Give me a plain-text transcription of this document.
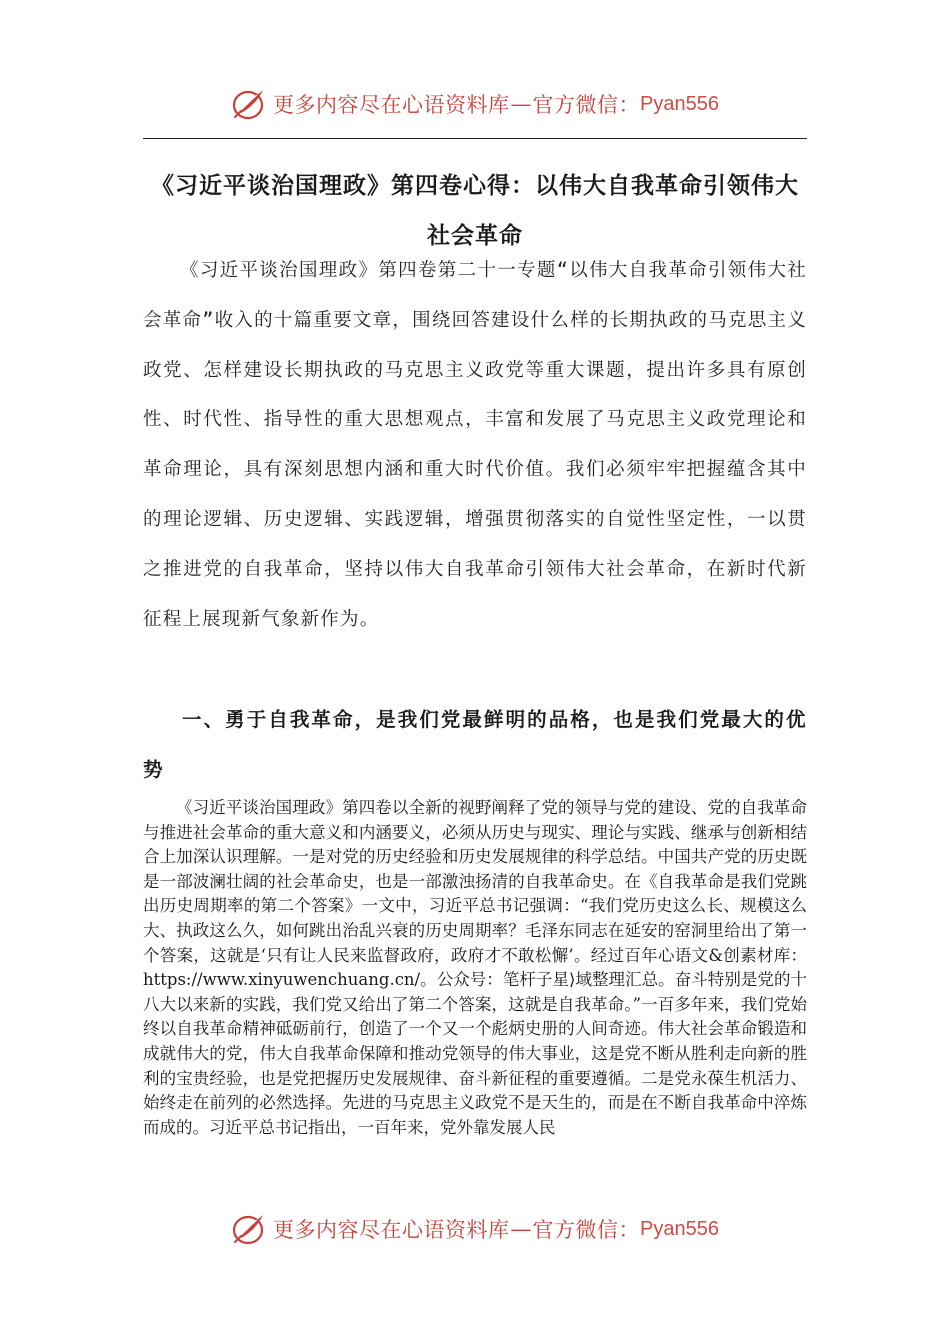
更多内容尽在心语资料库 — 官方微信： Pyan556
《习近平谈治国理政》第四卷心得：以伟大自我革命引领伟大社会革命

《习近平谈治国理政》第四卷第二十一专题“以伟大自我革命引领伟大社会革命”收入的十篇重要文章，围绕回答建设什么样的长期执政的马克思主义政党、怎样建设长期执政的马克思主义政党等重大课题，提出许多具有原创性、时代性、指导性的重大思想观点，丰富和发展了马克思主义政党理论和革命理论，具有深刻思想内涵和重大时代价值。我们必须牢牢把握蕴含其中的理论逻辑、历史逻辑、实践逻辑，增强贯彻落实的自觉性坚定性，一以贯之推进党的自我革命，坚持以伟大自我革命引领伟大社会革命，在新时代新征程上展现新气象新作为。

一、勇于自我革命，是我们党最鲜明的品格，也是我们党最大的优势

《习近平谈治国理政》第四卷以全新的视野阐释了党的领导与党的建设、党的自我革命与推进社会革命的重大意义和内涵要义，必须从历史与现实、理论与实践、继承与创新相结合上加深认识理解。一是对党的历史经验和历史发展规律的科学总结。中国共产党的历史既是一部波澜壮阔的社会革命史，也是一部激浊扬清的自我革命史。在《自我革命是我们党跳出历史周期率的第二个答案》一文中，习近平总书记强调：“我们党历史这么长、规模这么大、执政这么久，如何跳出治乱兴衰的历史周期率？毛泽东同志在延安的窑洞里给出了第一个答案，这就是‘只有让人民来监督政府，政府才不敢松懈’。经过百年心语文&创素材库：https://www.xinyuwenchuang.cn/。公众号：笔杆子星⟩域整理汇总。奋斗特别是党的十八大以来新的实践，我们党又给出了第二个答案，这就是自我革命。”一百多年来，我们党始终以自我革命精神砥砺前行，创造了一个又一个彪炳史册的人间奇迹。伟大社会革命锻造和成就伟大的党，伟大自我革命保障和推动党领导的伟大事业，这是党不断从胜利走向新的胜利的宝贵经验，也是党把握历史发展规律、奋斗新征程的重要遵循。二是党永葆生机活力、始终走在前列的必然选择。先进的马克思主义政党不是天生的，而是在不断自我革命中淬炼而成的。习近平总书记指出，一百年来，党外靠发展人民

更多内容尽在心语资料库 — 官方微信： Pyan556
